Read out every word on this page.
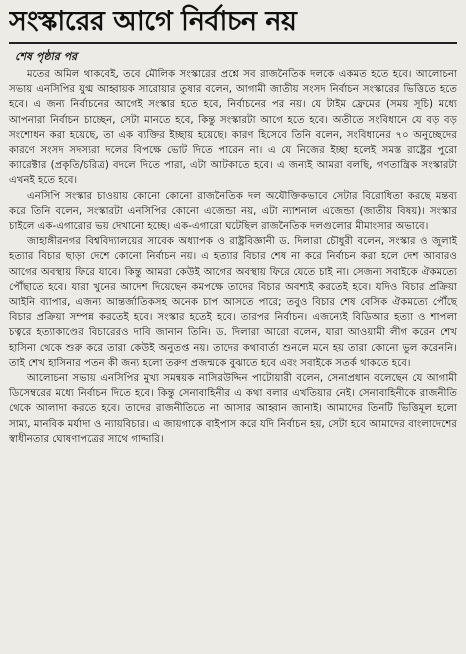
সংস্কারের আগে নির্বাচন নয়
শেষ পৃষ্ঠার পর

মতের অমিল থাকবেই, তবে মৌলিক সংস্কারের প্রশ্নে সব রাজনৈতিক দলকে একমত হতে হবে। আলোচনা সভায় এনসিপির যুগ্ম আহ্বায়ক সারোয়ার তুষার বলেন, আগামী জাতীয় সংসদ নির্বাচন সংস্কারের ভিত্তিতে হতে হবে। এ জন্য নির্বাচনের আগেই সংস্কার হতে হবে, নির্বাচনের পর নয়। যে টাইম ফ্রেমের (সময় সূচি) মধ্যে আপনারা নির্বাচন চাচ্ছেন, সেটা মানতে হবে, কিন্তু সংস্কারটা আগে হতে হবে। অতীতে সংবিধানে যে বড় বড় সংশোধন করা হয়েছে, তা এক ব্যক্তির ইচ্ছায় হয়েছে। কারণ হিসেবে তিনি বলেন, সংবিধানের ৭০ অনুচ্ছেদের কারণে সংসদ সদস্যরা দলের বিপক্ষে ভোট দিতে পারেন না। এ যে নিজের ইচ্ছা হলেই সমস্ত রাষ্ট্রের পুরো ক্যারেক্টার (প্রকৃতি/চরিত্র) বদলে দিতে পারা, এটা আটকাতে হবে। এ জন্যই আমরা বলছি, গণতান্ত্রিক সংস্কারটা এখনই হতে হবে।

এনসিপি সংস্কার চাওয়ায় কোনো কোনো রাজনৈতিক দল অযৌক্তিকভাবে সেটার বিরোধিতা করছে মন্তব্য করে তিনি বলেন, সংস্কারটা এনসিপির কোনো এজেন্ডা নয়, এটা ন্যাশনাল এজেন্ডা (জাতীয় বিষয়)। সংস্কার চাইলে এক-এগারোর ভয় দেখানো হচ্ছে। এক-এগারো ঘটেছিল রাজনৈতিক দলগুলোর মীমাংসার অভাবে।

জাহাঙ্গীরনগর বিশ্ববিদ্যালয়ের সাবেক অধ্যাপক ও রাষ্ট্রবিজ্ঞানী ড. দিলারা চৌধুরী বলেন, সংস্কার ও জুলাই হত্যার বিচার ছাড়া দেশে কোনো নির্বাচন নয়। এ হত্যার বিচার শেষ না করে নির্বাচন করা হলে দেশ আবারও আগের অবস্থায় ফিরে যাবে। কিন্তু আমরা কেউই আগের অবস্থায় ফিরে যেতে চাই না। সেজন্য সবাইকে ঐকমত্যে পৌঁছাতে হবে। যারা খুনের আদেশ দিয়েছেন কমপক্ষে তাদের বিচার অবশ্যই করতেই হবে। যদিও বিচার প্রক্রিয়া আইনি ব্যাপার, এজন্য আন্তর্জাতিকসহ অনেক চাপ আসতে পারে; তবুও বিচার শেষ বেসিক ঐকমত্যে পৌঁছে বিচার প্রক্রিয়া সম্পন্ন করতেই হবে। সংস্কার হতেই হবে। তারপর নির্বাচন। এজন্যেই বিডিআর হত্যা ও শাপলা চত্বরে হত্যাকাণ্ডের বিচারেরও দাবি জানান তিনি। ড. দিলারা আরো বলেন, যারা আওয়ামী লীগ করেন শেখ হাসিনা থেকে শুরু করে তারা কেউই অনুতপ্ত নয়। তাদের কথাবার্তা শুনলে মনে হয় তারা কোনো ভুল করেননি। তাই শেখ হাসিনার পতন কী জন্য হলো তরুণ প্রজন্মকে বুঝাতে হবে এবং সবাইকে সতর্ক থাকতে হবে।

আলোচনা সভায় এনসিপির মুখ্য সমন্বয়ক নাসিরউদ্দিন পাটোয়ারী বলেন, সেনাপ্রধান বলেছেন যে আগামী ডিসেম্বরের মধ্যে নির্বাচন দিতে হবে। কিন্তু সেনাবাহিনীর এ কথা বলার এখতিয়ার নেই। সেনাবাহিনীকে রাজনীতি থেকে আলাদা করতে হবে। তাদের রাজনীতিতে না আসার আহ্বান জানাই। আমাদের তিনটি ভিত্তিমূল হলো সাম্য, মানবিক মর্যাদা ও ন্যায়বিচার। এ জায়গাকে বাইপাস করে যদি নির্বাচন হয়, সেটা হবে আমাদের বাংলাদেশের স্বাধীনতার ঘোষণাপত্রের সাথে গাদ্দারি।
